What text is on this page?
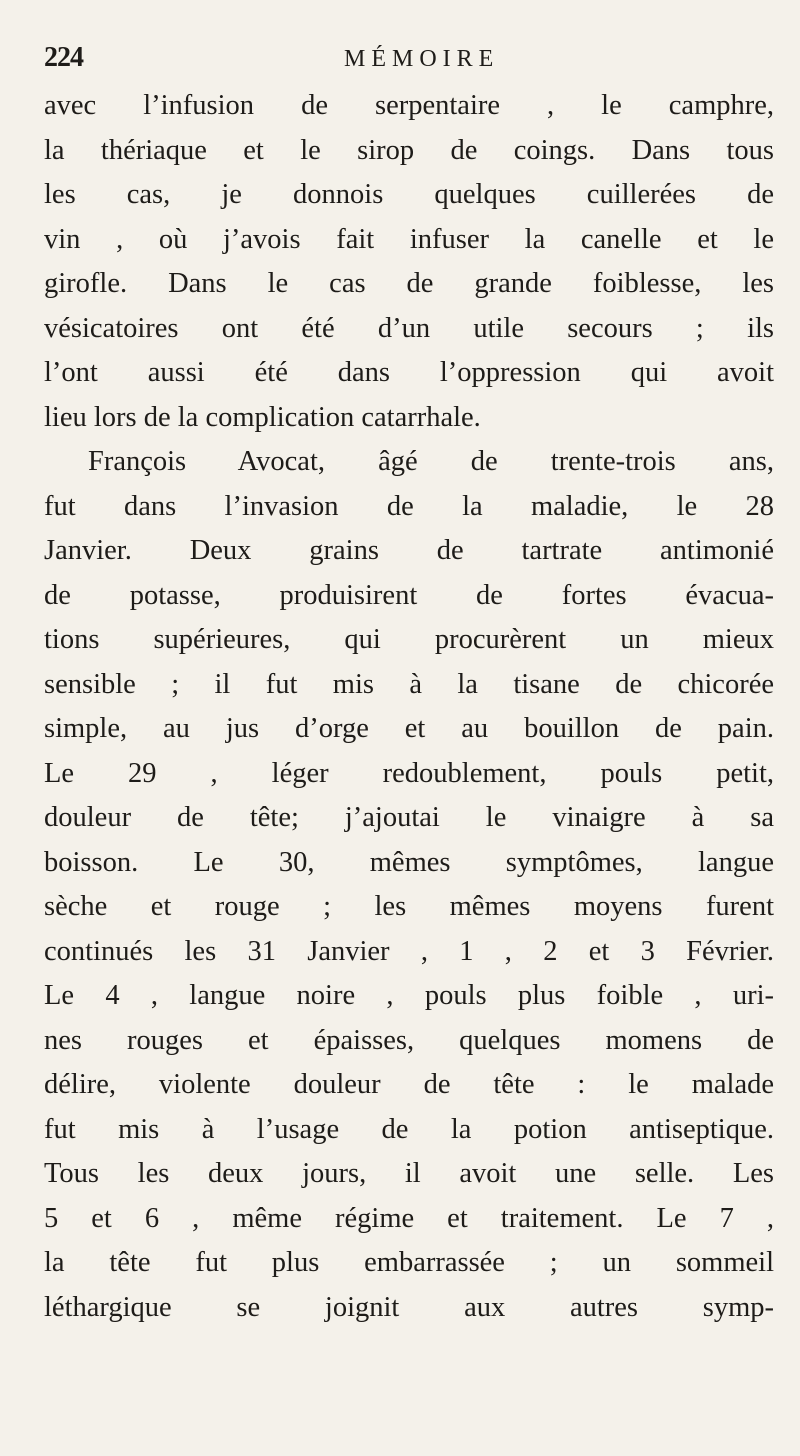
224	MÉMOIRE
avec l’infusion de serpentaire , le camphre,
la thériaque et le sirop de coings. Dans tous
les cas, je donnois quelques cuillerées de
vin , où j’avois fait infuser la canelle et le
girofle. Dans le cas de grande foiblesse, les
vésicatoires ont été d’un utile secours ; ils
l’ont aussi été dans l’oppression qui avoit
lieu lors de la complication catarrhale.
François Avocat, âgé de trente-trois ans,
fut dans l’invasion de la maladie, le 28
Janvier. Deux grains de tartrate antimonié
de potasse, produisirent de fortes évacua-
tions supérieures, qui procurèrent un mieux
sensible ; il fut mis à la tisane de chicorée
simple, au jus d’orge et au bouillon de pain.
Le 29 , léger redoublement, pouls petit,
douleur de tête; j’ajoutai le vinaigre à sa
boisson. Le 30, mêmes symptômes, langue
sèche et rouge ; les mêmes moyens furent
continués les 31 Janvier , 1 , 2 et 3 Février.
Le 4 , langue noire , pouls plus foible , uri-
nes rouges et épaisses, quelques momens de
délire, violente douleur de tête : le malade
fut mis à l’usage de la potion antiseptique.
Tous les deux jours, il avoit une selle. Les
5 et 6 , même régime et traitement. Le 7 ,
la tête fut plus embarrassée ; un sommeil
léthargique se joignit aux autres symp-
